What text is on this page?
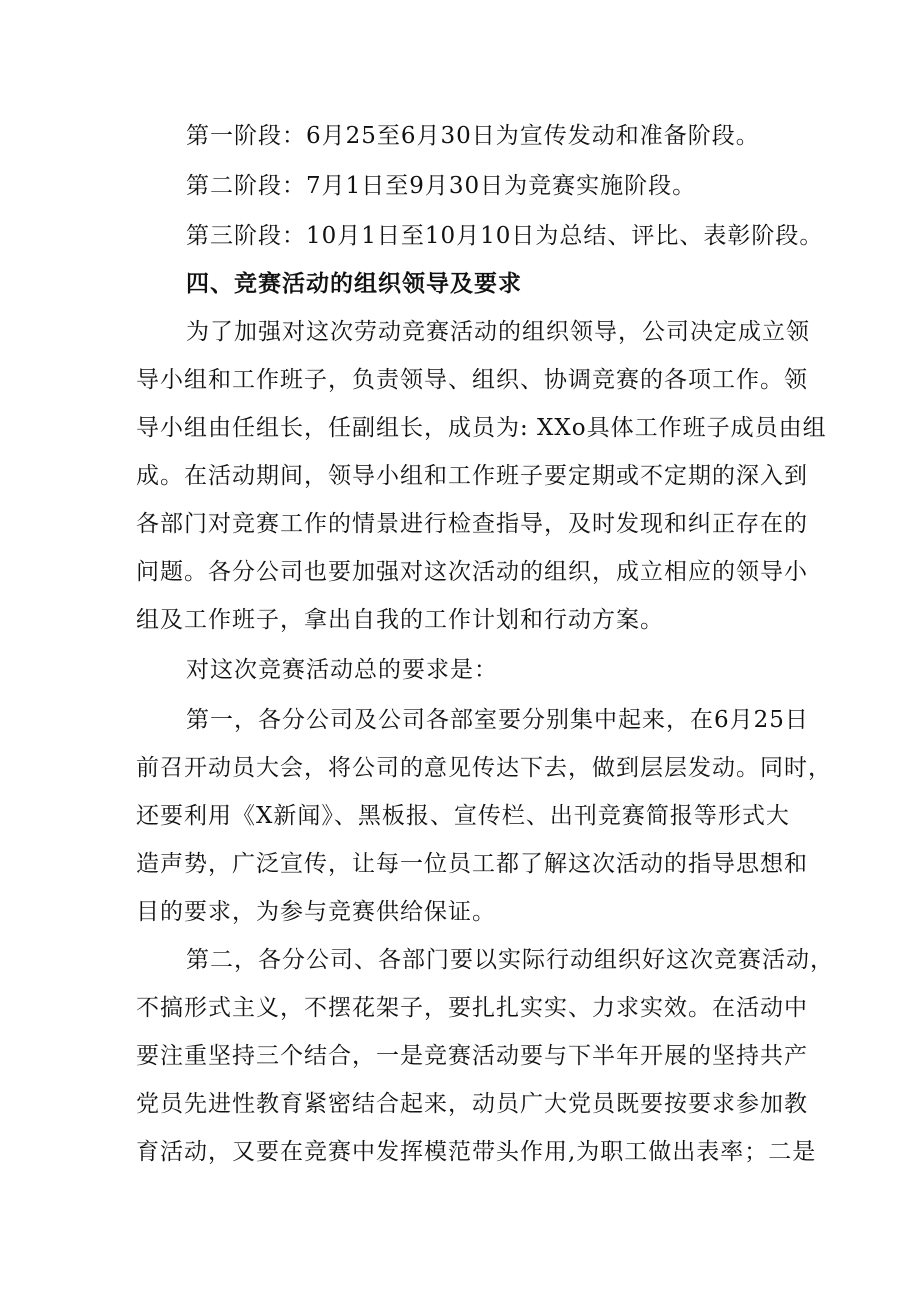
第一阶段：6月25至6月30日为宣传发动和准备阶段。
第二阶段：7月1日至9月30日为竞赛实施阶段。
第三阶段：10月1日至10月10日为总结、评比、表彰阶段。
四、竞赛活动的组织领导及要求
为了加强对这次劳动竞赛活动的组织领导，公司决定成立领
导小组和工作班子，负责领导、组织、协调竞赛的各项工作。领
导小组由任组长，任副组长，成员为: XXo具体工作班子成员由组
成。在活动期间，领导小组和工作班子要定期或不定期的深入到
各部门对竞赛工作的情景进行检查指导，及时发现和纠正存在的
问题。各分公司也要加强对这次活动的组织，成立相应的领导小
组及工作班子，拿出自我的工作计划和行动方案。
对这次竞赛活动总的要求是：
第一，各分公司及公司各部室要分别集中起来，在6月25日
前召开动员大会，将公司的意见传达下去，做到层层发动。同时，
还要利用《X新闻》、黑板报、宣传栏、出刊竞赛简报等形式大
造声势，广泛宣传，让每一位员工都了解这次活动的指导思想和
目的要求，为参与竞赛供给保证。
第二，各分公司、各部门要以实际行动组织好这次竞赛活动，
不搞形式主义，不摆花架子，要扎扎实实、力求实效。在活动中
要注重坚持三个结合，一是竞赛活动要与下半年开展的坚持共产
党员先进性教育紧密结合起来，动员广大党员既要按要求参加教
育活动，又要在竞赛中发挥模范带头作用,为职工做出表率；二是
